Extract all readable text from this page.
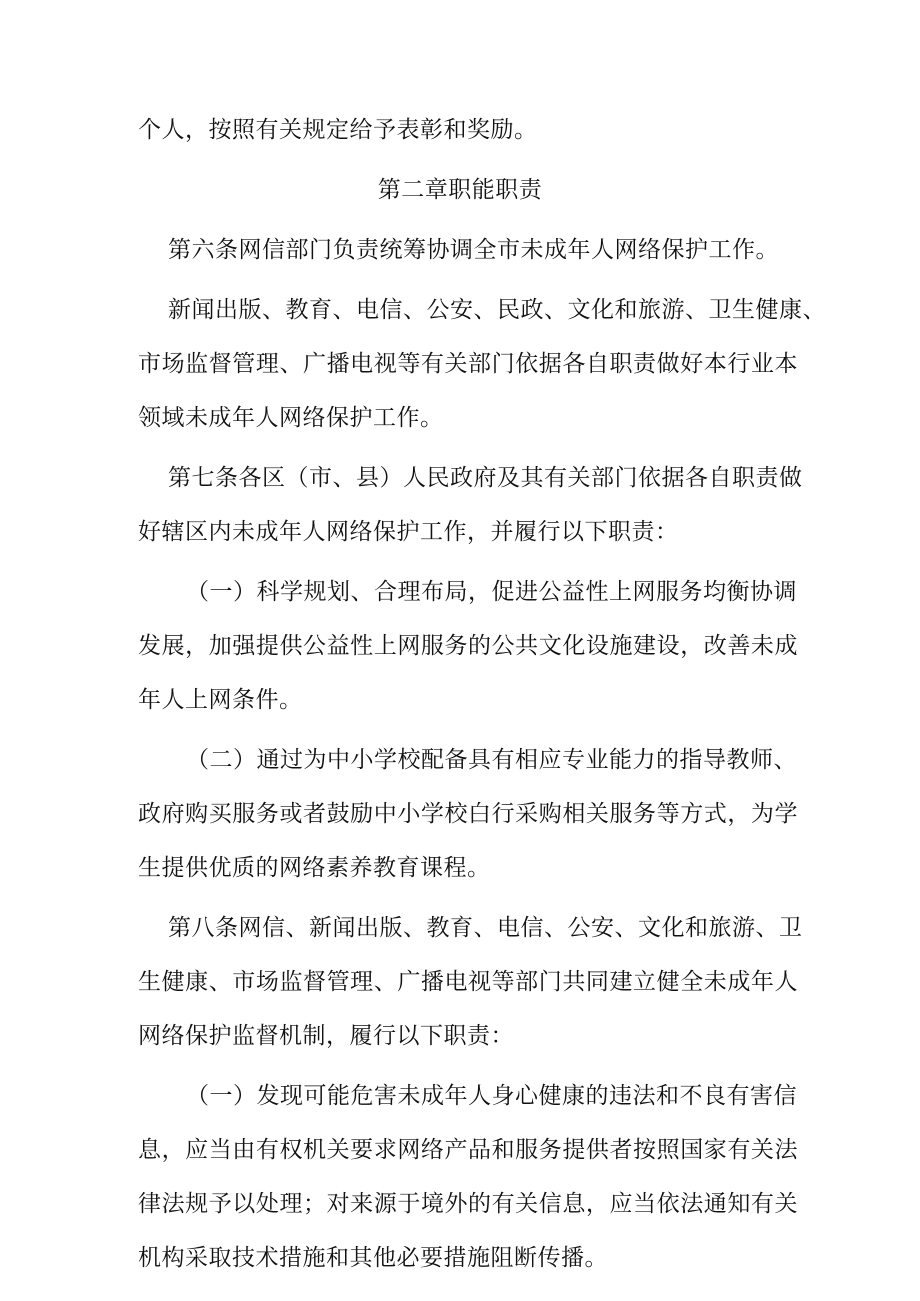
个人，按照有关规定给予表彰和奖励。
第二章职能职责
第六条网信部门负责统筹协调全市未成年人网络保护工作。
新闻出版、教育、电信、公安、民政、文化和旅游、卫生健康、
市场监督管理、广播电视等有关部门依据各自职责做好本行业本
领域未成年人网络保护工作。
第七条各区（市、县）人民政府及其有关部门依据各自职责做
好辖区内未成年人网络保护工作，并履行以下职责：
（一）科学规划、合理布局，促进公益性上网服务均衡协调
发展，加强提供公益性上网服务的公共文化设施建设，改善未成
年人上网条件。
（二）通过为中小学校配备具有相应专业能力的指导教师、
政府购买服务或者鼓励中小学校白行采购相关服务等方式，为学
生提供优质的网络素养教育课程。
第八条网信、新闻出版、教育、电信、公安、文化和旅游、卫
生健康、市场监督管理、广播电视等部门共同建立健全未成年人
网络保护监督机制，履行以下职责：
（一）发现可能危害未成年人身心健康的违法和不良有害信
息，应当由有权机关要求网络产品和服务提供者按照国家有关法
律法规予以处理；对来源于境外的有关信息，应当依法通知有关
机构采取技术措施和其他必要措施阻断传播。
